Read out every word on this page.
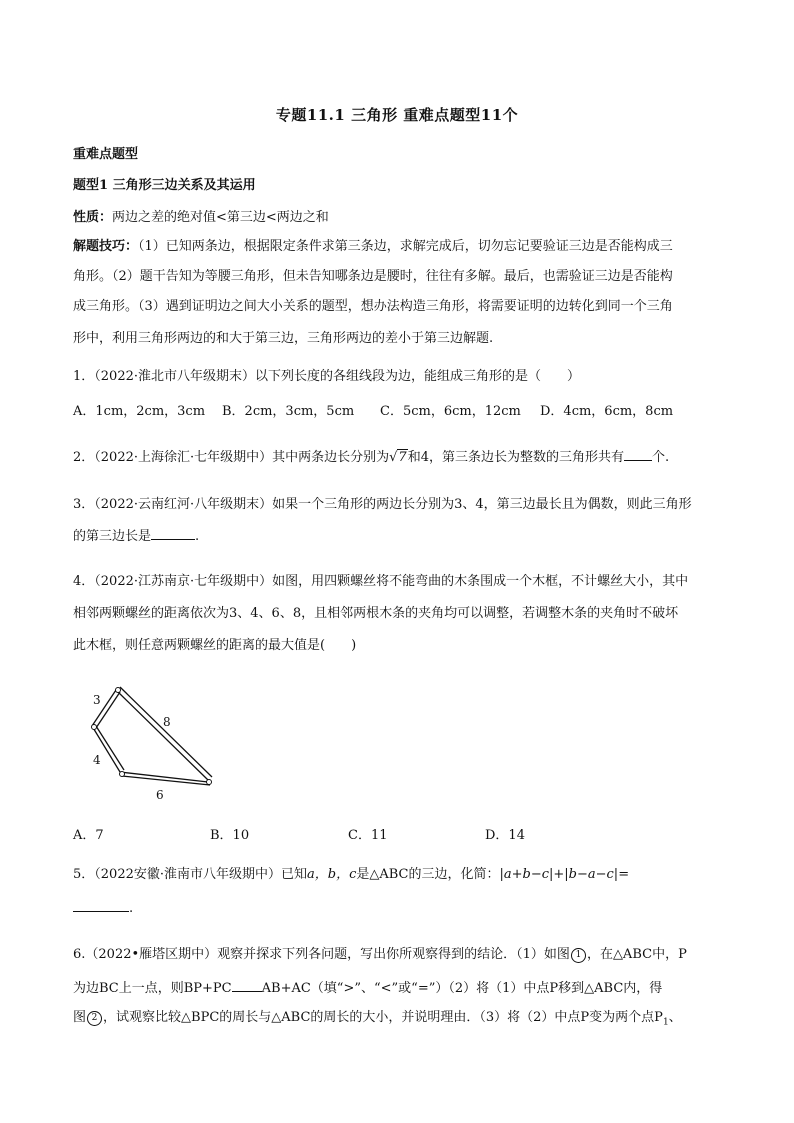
专题11.1 三角形 重难点题型11个
重难点题型
题型1 三角形三边关系及其运用
性质：两边之差的绝对值<第三边<两边之和
解题技巧：（1）已知两条边，根据限定条件求第三条边，求解完成后，切勿忘记要验证三边是否能构成三
角形。（2）题干告知为等腰三角形，但未告知哪条边是腰时，往往有多解。最后，也需验证三边是否能构
成三角形。（3）遇到证明边之间大小关系的题型，想办法构造三角形，将需要证明的边转化到同一个三角
形中，利用三角形两边的和大于第三边，三角形两边的差小于第三边解题.
1．（2022·淮北市八年级期末）以下列长度的各组线段为边，能组成三角形的是（　　）
A．1cm，2cm，3cm B．2cm，3cm，5cm C．5cm，6cm，12cm D．4cm，6cm，8cm
2．（2022·上海徐汇·七年级期中）其中两条边长分别为√7和4，第三条边长为整数的三角形共有 个.
3．（2022·云南红河·八年级期末）如果一个三角形的两边长分别为3、4，第三边最长且为偶数，则此三角形
的第三边长是	.
4．（2022·江苏南京·七年级期中）如图，用四颗螺丝将不能弯曲的木条围成一个木框，不计螺丝大小，其中
相邻两颗螺丝的距离依次为3、4、6、8，且相邻两根木条的夹角均可以调整，若调整木条的夹角时不破坏
此木框，则任意两颗螺丝的距离的最大值是(　　)
3
8
4
6
A．7	B．10	C．11	D．14
5．（2022安徽·淮南市八年级期中）已知a，b，c是△ABC的三边，化简：|a+b−c|+|b−a−c|=
.
6.（2022•雁塔区期中）观察并探求下列各问题，写出你所观察得到的结论．（1）如图 1 ，在△ABC中，P
为边BC上一点，则BP+PC AB+AC（填“>”、“<”或“=”）（2）将（1）中点P移到△ABC内，得
图 2 ，试观察比较△BPC的周长与△ABC的周长的大小，并说明理由．（3）将（2）中点P变为两个点$P_1$、
